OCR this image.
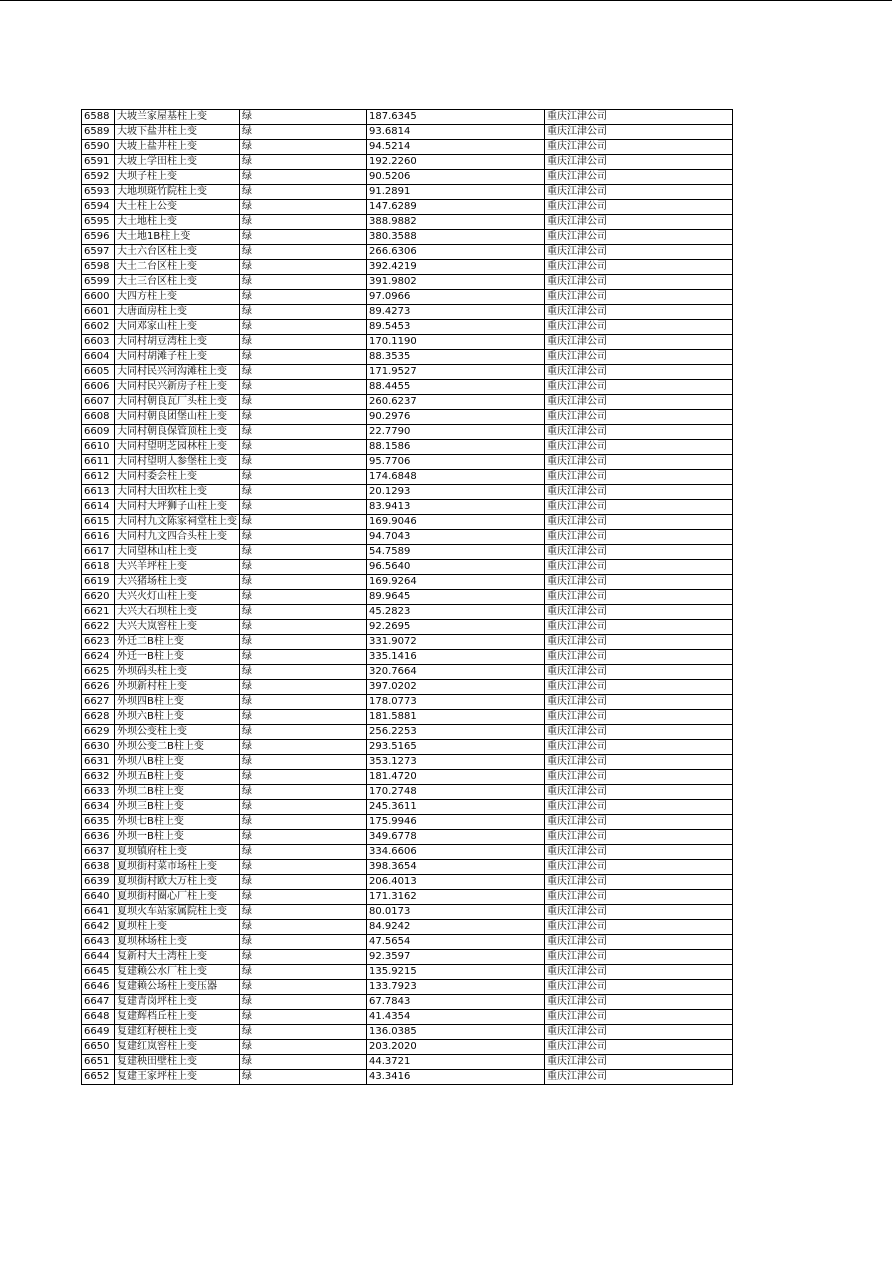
6588	大坡兰家屋基柱上变	绿	187.6345	重庆江津公司
6589	大坡下盐井柱上变	绿	93.6814	重庆江津公司
6590	大坡上盐井柱上变	绿	94.5214	重庆江津公司
6591	大坡上学田柱上变	绿	192.2260	重庆江津公司
6592	大坝子柱上变	绿	90.5206	重庆江津公司
6593	大地坝斑竹院柱上变	绿	91.2891	重庆江津公司
6594	大土柱上公变	绿	147.6289	重庆江津公司
6595	大土地柱上变	绿	388.9882	重庆江津公司
6596	大土地1B柱上变	绿	380.3588	重庆江津公司
6597	大土六台区柱上变	绿	266.6306	重庆江津公司
6598	大土二台区柱上变	绿	392.4219	重庆江津公司
6599	大土三台区柱上变	绿	391.9802	重庆江津公司
6600	大四方柱上变	绿	97.0966	重庆江津公司
6601	大唐面房柱上变	绿	89.4273	重庆江津公司
6602	大同邓家山柱上变	绿	89.5453	重庆江津公司
6603	大同村胡豆湾柱上变	绿	170.1190	重庆江津公司
6604	大同村胡滩子柱上变	绿	88.3535	重庆江津公司
6605	大同村民兴河沟滩柱上变	绿	171.9527	重庆江津公司
6606	大同村民兴新房子柱上变	绿	88.4455	重庆江津公司
6607	大同村朝良瓦厂头柱上变	绿	260.6237	重庆江津公司
6608	大同村朝良团堡山柱上变	绿	90.2976	重庆江津公司
6609	大同村朝良保管顶柱上变	绿	22.7790	重庆江津公司
6610	大同村望明芝园林柱上变	绿	88.1586	重庆江津公司
6611	大同村望明人参堡柱上变	绿	95.7706	重庆江津公司
6612	大同村委会柱上变	绿	174.6848	重庆江津公司
6613	大同村大田坎柱上变	绿	20.1293	重庆江津公司
6614	大同村大坪狮子山柱上变	绿	83.9413	重庆江津公司
6615	大同村九文陈家祠堂柱上变	绿	169.9046	重庆江津公司
6616	大同村九文四合头柱上变	绿	94.7043	重庆江津公司
6617	大同望林山柱上变	绿	54.7589	重庆江津公司
6618	大兴羊坪柱上变	绿	96.5640	重庆江津公司
6619	大兴猪场柱上变	绿	169.9264	重庆江津公司
6620	大兴火灯山柱上变	绿	89.9645	重庆江津公司
6621	大兴大石坝柱上变	绿	45.2823	重庆江津公司
6622	大兴大岚窖柱上变	绿	92.2695	重庆江津公司
6623	外迁二B柱上变	绿	331.9072	重庆江津公司
6624	外迁一B柱上变	绿	335.1416	重庆江津公司
6625	外坝码头柱上变	绿	320.7664	重庆江津公司
6626	外坝新村柱上变	绿	397.0202	重庆江津公司
6627	外坝四B柱上变	绿	178.0773	重庆江津公司
6628	外坝六B柱上变	绿	181.5881	重庆江津公司
6629	外坝公变柱上变	绿	256.2253	重庆江津公司
6630	外坝公变二B柱上变	绿	293.5165	重庆江津公司
6631	外坝八B柱上变	绿	353.1273	重庆江津公司
6632	外坝五B柱上变	绿	181.4720	重庆江津公司
6633	外坝二B柱上变	绿	170.2748	重庆江津公司
6634	外坝三B柱上变	绿	245.3611	重庆江津公司
6635	外坝七B柱上变	绿	175.9946	重庆江津公司
6636	外坝一B柱上变	绿	349.6778	重庆江津公司
6637	夏坝镇府柱上变	绿	334.6606	重庆江津公司
6638	夏坝街村菜市场柱上变	绿	398.3654	重庆江津公司
6639	夏坝街村欧大万柱上变	绿	206.4013	重庆江津公司
6640	夏坝街村圈心厂柱上变	绿	171.3162	重庆江津公司
6641	夏坝火车站家属院柱上变	绿	80.0173	重庆江津公司
6642	夏坝柱上变	绿	84.9242	重庆江津公司
6643	夏坝林场柱上变	绿	47.5654	重庆江津公司
6644	复新村大土湾柱上变	绿	92.3597	重庆江津公司
6645	复建赖公水厂柱上变	绿	135.9215	重庆江津公司
6646	复建赖公场柱上变压器	绿	133.7923	重庆江津公司
6647	复建青岗坪柱上变	绿	67.7843	重庆江津公司
6648	复建辉档丘柱上变	绿	41.4354	重庆江津公司
6649	复建红籽梗柱上变	绿	136.0385	重庆江津公司
6650	复建红岚窖柱上变	绿	203.2020	重庆江津公司
6651	复建秧田壁柱上变	绿	44.3721	重庆江津公司
6652	复建王家坪柱上变	绿	43.3416	重庆江津公司
